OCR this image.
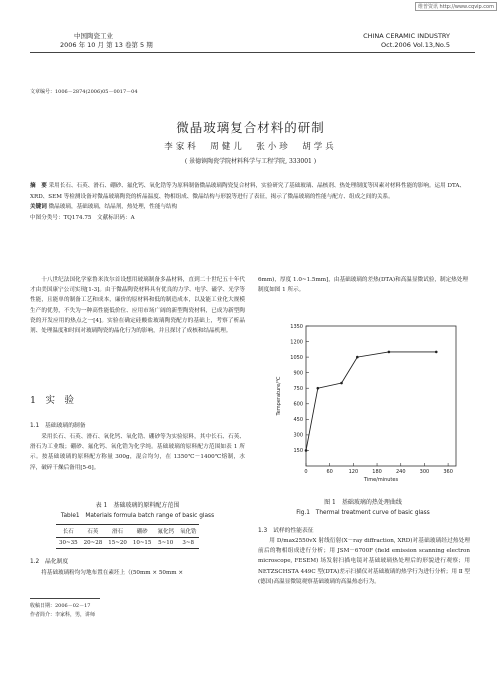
维普资讯 http://www.cqvip.com
中国陶瓷工业
2006 年 10 月 第 13 卷第 5 期
CHINA CERAMIC INDUSTRY
Oct.2006 Vol.13,No.5
文章编号：1006－2874(2006)05－0017－04
微晶玻璃复合材料的研制
李家科　周健儿　张小珍　胡学兵
( 景德镇陶瓷学院材料科学与工程学院, 333001 )
摘　要 采用长石、石英、滑石、硼砂、氟化钙、氧化锆等为原料制备微晶玻璃陶瓷复合材料，实验研究了基础玻璃、晶核剂、热处理制度等因素对材料性能的影响。运用 DTA、XRD、SEM 等检测设备对微晶玻璃陶瓷的析晶温度、物相组成、微晶结构与形貌等进行了表征，揭示了微晶玻璃的性能与配方、组成之间的关系。
关键词 微晶玻璃，基础玻璃，结晶剂，热处理，性能与结构
中图分类号：TQ174.75　文献标识码：A

十八世纪法国化学家鲁米汝尔首设想用玻璃制备多晶材料，直到二十世纪五十年代才由美国康宁公司实现[1-3]。由于微晶陶瓷材料具有优良的力学、电学、磁学、光学等性能，且能单的制备工艺和成本，廉价的原材料和低的制造成本，以及能工业化大规模生产的优势，不失为一种高性能低价位、应用市场广阔的新型陶瓷材料，已成为新型陶瓷的开发应用的热点之一[4]。实验在确定硅酸盐玻璃陶瓷配方的基础上，考察了析晶剂、处理温度和时间对玻璃陶瓷的晶化行为的影响，并且探讨了成核和结晶机理。

1　实　验
1.1　基础玻璃的制备

采用长石、石英、滑石、氧化钙、氧化锆、硼砂等为实验原料，其中长石、石英、滑石为工业级；硼砂、氟化钙、氧化锆为化学纯。基础玻璃的原料配方范围如表 1 所示。按基础玻璃的原料配方称量 300g，混合均匀，在 1350℃－1400℃熔制，水淬，破碎干燥后备用[5-6]。

表 1　基础玻璃的原料配方范围
Table1　Materials formula batch range of basic glass
长石	石英	滑石	硼砂	氟化钙	氧化锆
30~35	20~28	15~20	10~15	5~10	3~8
1.2　晶化制度

将基础玻璃粉均匀地布置在素坯上（(50mm × 50mm ×

6mm)，厚度 1.0~1.5mm]，由基础玻璃的差热(DTA)和高温显微试验，制定热处理制度如图 1 所示。

150
300
450
600
750
900
1050
1200
1350
0	60	120	180	240	300	360
Time/minutes
Temperature/℃
图 1　基础玻璃的热处理曲线
Fig.1　Thermal treatment curve of basic glass
1.3　试样的性能表征

用 D/max2550vX 射线衍射(X－ray diffraction, XRD)对基础玻璃经过热处理前后的物相组成进行分析；用 JSM－6700F (field emission scanning electron microscope, FESEM) 场发射扫描电镜对基础玻璃热处理后的形貌进行观察；用 NETZSCHSTA 449C 型(DTA)差示扫描仪对基础玻璃的热学行为进行分析；用 Ⅱ 型(德国)高温显微镜观察基础玻璃的高温热态行为。

收稿日期：2006－02－17
作者简介：李家科，男，讲师
